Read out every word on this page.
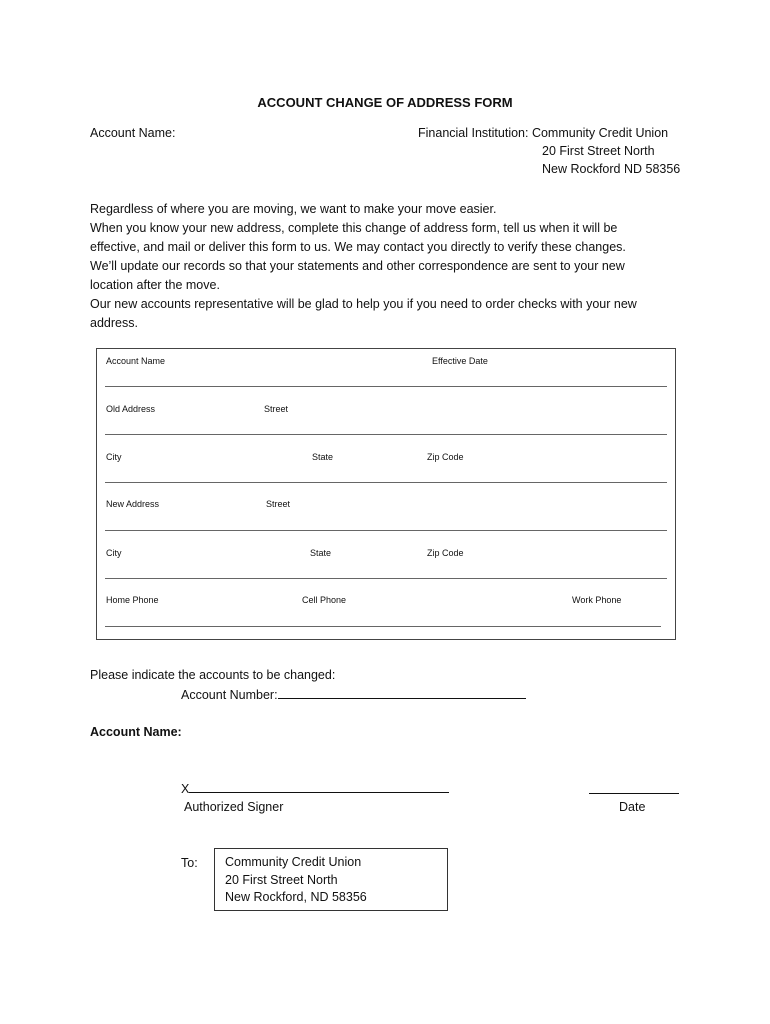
ACCOUNT CHANGE OF ADDRESS FORM
Account Name:	Financial Institution: Community Credit Union
20 First Street North
New Rockford ND 58356
Regardless of where you are moving, we want to make your move easier.
When you know your new address, complete this change of address form, tell us when it will be
effective, and mail or deliver this form to us. We may contact you directly to verify these changes.
We’ll update our records so that your statements and other correspondence are sent to your new
location after the move.
Our new accounts representative will be glad to help you if you need to order checks with your new
address.
Account Name	Effective Date
Old Address	Street
City	State	Zip Code
New Address	Street
City	State	Zip Code
Home Phone	Cell Phone	Work Phone
Please indicate the accounts to be changed:
Account Number:
Account Name:
X
Authorized Signer	Date
To: Community Credit Union
20 First Street North
New Rockford, ND 58356
